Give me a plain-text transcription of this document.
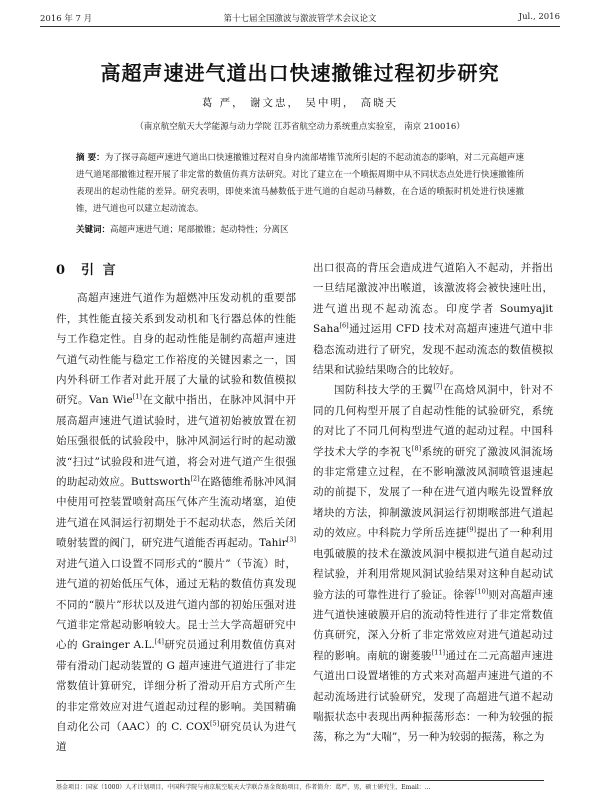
2016 年 7 月	第十七届全国激波与激波管学术会议论文	Jul., 2016
高超声速进气道出口快速撤锥过程初步研究
葛 严， 谢文忠， 吴中明， 高晓天
（南京航空航天大学能源与动力学院 江苏省航空动力系统重点实验室， 南京 210016）

摘 要：为了探寻高超声速进气道出口快速撤锥过程对自身内流部堵锥节流所引起的不起动流态的影响，对二元高超声速进气道尾部撤锥过程开展了非定常的数值仿真方法研究。对比了建立在一个喷振周期中从不同状态点处进行快速撤锥所表现出的起动性能的差异。研究表明，即使来流马赫数低于进气道的自起动马赫数，在合适的喷振时机处进行快速撤锥，进气道也可以建立起动流态。

关键词：高超声速进气道；尾部撤锥；起动特性；分离区

0 引 言

高超声速进气道作为超燃冲压发动机的重要部件，其性能直接关系到发动机和飞行器总体的性能与工作稳定性。自身的起动性能是制约高超声速进气道气动性能与稳定工作裕度的关键因素之一，国内外科研工作者对此开展了大量的试验和数值模拟研究。Van Wie[1]在文献中指出，在脉冲风洞中开展高超声速进气道试验时，进气道初始被放置在初始压强很低的试验段中，脉冲风洞运行时的起动激波“扫过”试验段和进气道，将会对进气道产生很强的助起动效应。Buttsworth[2]在路德维希脉冲风洞中使用可控装置喷射高压气体产生流动堵塞，迫使进气道在风洞运行初期处于不起动状态，然后关闭喷射装置的阀门，研究进气道能否再起动。Tahir[3]对进气道入口设置不同形式的“膜片”（节流）时，进气道的初始低压气体，通过无粘的数值仿真发现不同的“膜片”形状以及进气道内部的初始压强对进气道非定常起动影响较大。昆士兰大学高超研究中心的 Grainger A.L.[4]研究员通过利用数值仿真对带有滑动门起动装置的 G 超声速进气道进行了非定常数值计算研究，详细分析了滑动开启方式所产生的非定常效应对进气道起动过程的影响。美国精确自动化公司（AAC）的 C. COX[5]研究员认为进气道

出口很高的背压会造成进气道陷入不起动，并指出一旦结尾激波冲出喉道，该激波将会被快速吐出，进气道出现不起动流态。印度学者 Soumyajit Saha[6]通过运用 CFD 技术对高超声速进气道中非稳态流动进行了研究，发现不起动流态的数值模拟结果和试验结果吻合的比较好。

国防科技大学的王翼[7]在高焓风洞中，针对不同的几何构型开展了自起动性能的试验研究，系统的对比了不同几何构型进气道的起动过程。中国科学技术大学的李祝飞[8]系统的研究了激波风洞流场的非定常建立过程，在不影响激波风洞喷管退速起动的前提下，发展了一种在进气道内喉先设置释放堵块的方法，抑制激波风洞运行初期喉部进气道起动的效应。中科院力学所岳连捷[9]提出了一种利用电弧破膜的技术在激波风洞中模拟进气道自起动过程试验，并利用常规风洞试验结果对这种自起动试验方法的可靠性进行了验证。徐蓉[10]则对高超声速进气道快速破膜开启的流动特性进行了非定常数值仿真研究，深入分析了非定常效应对进气道起动过程的影响。南航的谢菱骏[11]通过在二元高超声速进气道出口设置堵锥的方式来对高超声速进气道的不起动流场进行试验研究，发现了高超进气道不起动喘振状态中表现出两种振荡形态：一种为较强的振荡，称之为“大喘”，另一种为较弱的振荡，称之为

基金项目：国家（1000）人才计划项目，中国科学院与南京航空航天大学联合基金资助项目，作者简介：葛严，男，硕士研究生，Email：...
